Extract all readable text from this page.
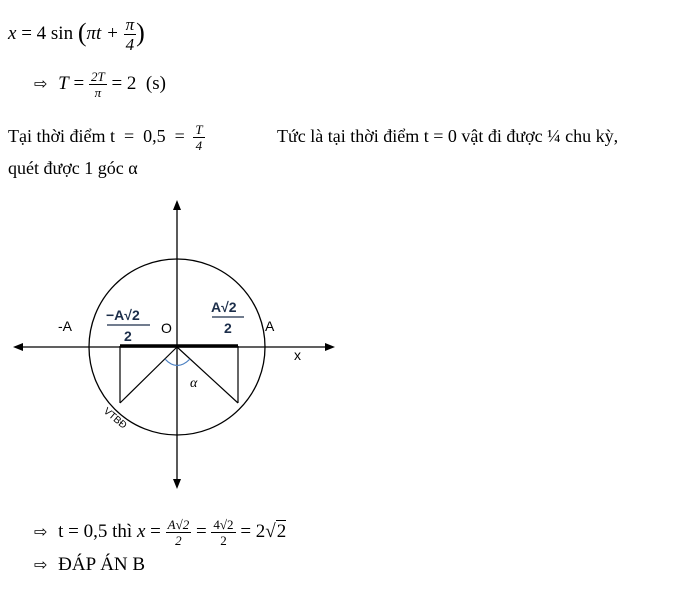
x = 4 $\sin (\pi t + \frac{\pi}{4}$ )
⇨ $T = \frac{2T}{\pi} = 2$  (s)
Tại thời điểm $t = 0,5 = \frac{T}{4}$	Tức là tại thời điểm t = 0 vật đi được ¼ chu kỳ,
quét được 1 góc α
-A
−A√2
2 O
A√2
2 A
x
α
VTBĐ
⇨ t = 0,5 thì $x = \frac{A√2}{2} = \frac{4√2}{2} = 2√2$
⇨ ĐÁP ÁN B
